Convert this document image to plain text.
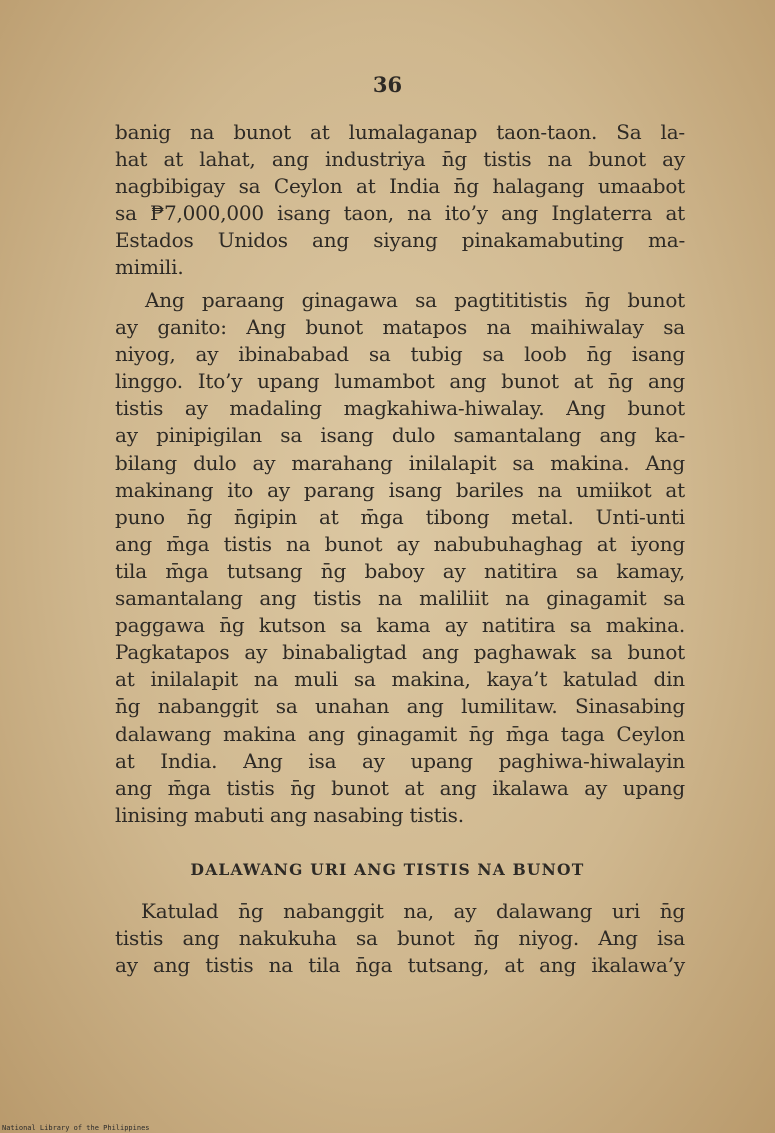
36
banig na bunot at lumalaganap taon-taon. Sa la-
hat at lahat, ang industriya n̄g tistis na bunot ay
nagbibigay sa Ceylon at India n̄g halagang umaabot
sa ₱7,000,000 isang taon, na ito’y ang Inglaterra at
Estados Unidos ang siyang pinakamabuting ma-
mimili.
Ang paraang ginagawa sa pagtititistis n̄g bunot
ay ganito: Ang bunot matapos na maihiwalay sa
niyog, ay ibinababad sa tubig sa loob n̄g isang
linggo. Ito’y upang lumambot ang bunot at n̄g ang
tistis ay madaling magkahiwa-hiwalay. Ang bunot
ay pinipigilan sa isang dulo samantalang ang ka-
bilang dulo ay marahang inilalapit sa makina. Ang
makinang ito ay parang isang bariles na umiikot at
puno n̄g n̄gipin at m̄ga tibong metal. Unti-unti
ang m̄ga tistis na bunot ay nabubuhaghag at iyong
tila m̄ga tutsang n̄g baboy ay natitira sa kamay,
samantalang ang tistis na maliliit na ginagamit sa
paggawa n̄g kutson sa kama ay natitira sa makina.
Pagkatapos ay binabaligtad ang paghawak sa bunot
at inilalapit na muli sa makina, kaya’t katulad din
n̄g nabanggit sa unahan ang lumilitaw. Sinasabing
dalawang makina ang ginagamit n̄g m̄ga taga Ceylon
at India. Ang isa ay upang paghiwa-hiwalayin
ang m̄ga tistis n̄g bunot at ang ikalawa ay upang
linising mabuti ang nasabing tistis.
DALAWANG URI ANG TISTIS NA BUNOT
Katulad n̄g nabanggit na, ay dalawang uri n̄g
tistis ang nakukuha sa bunot n̄g niyog. Ang isa
ay ang tistis na tila n̄ga tutsang, at ang ikalawa’y
National Library of the Philippines
